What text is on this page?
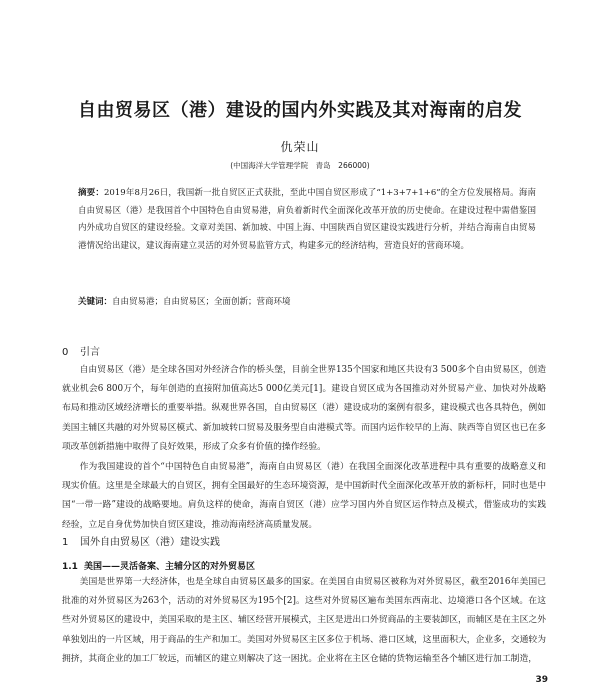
自由贸易区（港）建设的国内外实践及其对海南的启发
仇荣山
(中国海洋大学管理学院　青岛　266000)
摘要：2019年8月26日，我国新一批自贸区正式获批，至此中国自贸区形成了“1+3+7+1+6”的全方位发展格局。海南自由贸易区（港）是我国首个中国特色自由贸易港，肩负着新时代全面深化改革开放的历史使命。在建设过程中需借鉴国内外成功自贸区的建设经验。文章对美国、新加坡、中国上海、中国陕西自贸区建设实践进行分析，并结合海南自由贸易港情况给出建议，建议海南建立灵活的对外贸易监管方式，构建多元的经济结构，营造良好的营商环境。
关键词：自由贸易港；自由贸易区；全面创新；营商环境
0 引言

自由贸易区（港）是全球各国对外经济合作的桥头堡，目前全世界135个国家和地区共设有3 500多个自由贸易区，创造就业机会6 800万个，每年创造的直接附加值高达5 000亿美元[1]。建设自贸区成为各国推动对外贸易产业、加快对外战略布局和推动区域经济增长的重要举措。纵观世界各国，自由贸易区（港）建设成功的案例有很多，建设模式也各具特色，例如美国主辅区共融的对外贸易区模式、新加坡转口贸易及服务型自由港模式等。而国内运作较早的上海、陕西等自贸区也已在多项改革创新措施中取得了良好效果，形成了众多有价值的操作经验。

作为我国建设的首个“中国特色自由贸易港”，海南自由贸易区（港）在我国全面深化改革进程中具有重要的战略意义和现实价值。这里是全球最大的自贸区，拥有全国最好的生态环境资源，是中国新时代全面深化改革开放的新标杆，同时也是中国“一带一路”建设的战略要地。肩负这样的使命，海南自贸区（港）应学习国内外自贸区运作特点及模式，借鉴成功的实践经验，立足自身优势加快自贸区建设，推动海南经济高质量发展。

1 国外自由贸易区（港）建设实践
1.1 美国——灵活备案、主辅分区的对外贸易区

美国是世界第一大经济体，也是全球自由贸易区最多的国家。在美国自由贸易区被称为对外贸易区，截至2016年美国已批准的对外贸易区为263个，活动的对外贸易区为195个[2]。这些对外贸易区遍布美国东西南北、边境港口各个区域。在这些对外贸易区的建设中，美国采取的是主区、辅区经营开展模式，主区是进出口外贸商品的主要装卸区，而辅区是在主区之外单独划出的一片区域，用于商品的生产和加工。美国对外贸易区主区多位于机场、港口区域，这里面积大，企业多，交通较为拥挤，其商企业的加工厂较远，而辅区的建立则解决了这一困扰。企业将在主区仓储的货物运输至各个辅区进行加工制造，

39
